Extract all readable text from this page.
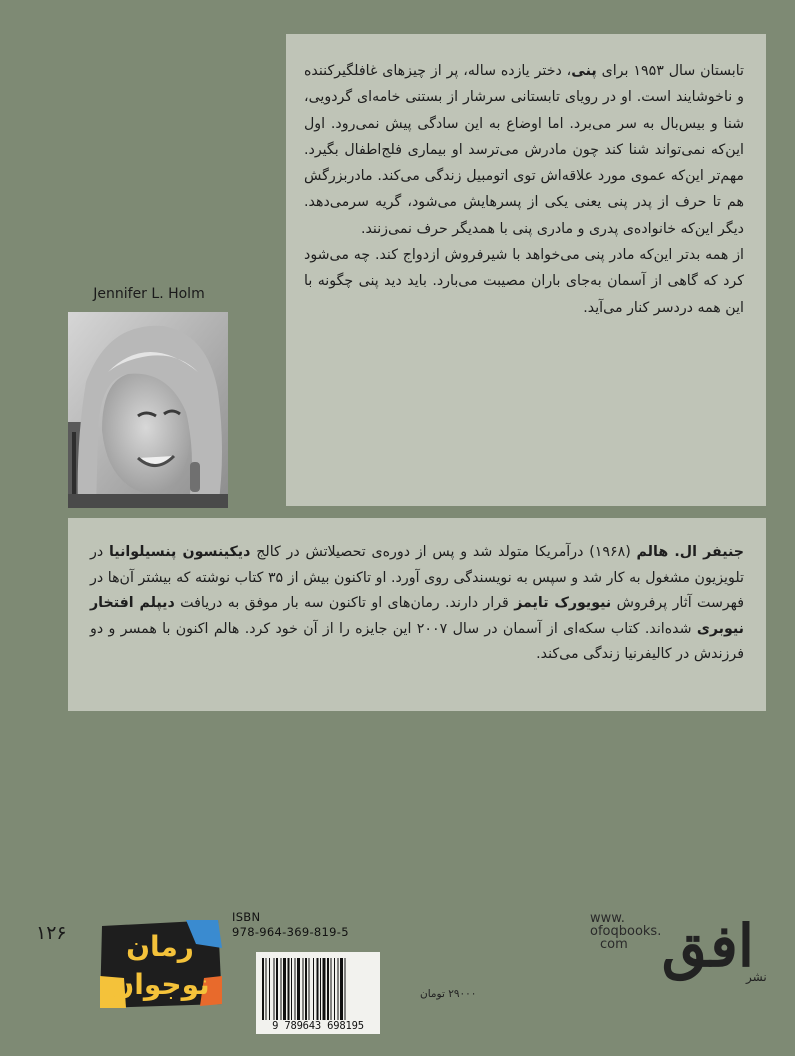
تابستان سال ۱۹۵۳ برای پنی، دختر یازده ساله، پر از چیزهای غافلگیرکننده و ناخوشایند است. او در رویای تابستانی سرشار از بستنی خامه‌ای گردویی، شنا و بیس‌بال به سر می‌برد. اما اوضاع به این سادگی پیش نمی‌رود. اول این‌که نمی‌تواند شنا کند چون مادرش می‌ترسد او بیماری فلج‌اطفال بگیرد. مهم‌تر این‌که عموی مورد علاقه‌اش توی اتومبیل زندگی می‌کند. مادربزرگش هم تا حرف از پدر پنی یعنی یکی از پسرهایش می‌شود، گریه سرمی‌دهد. دیگر این‌که خانواده‌ی پدری و مادری پنی با همدیگر حرف نمی‌زنند.

از همه بدتر این‌که مادر پنی می‌خواهد با شیرفروش ازدواج کند. چه می‌شود کرد که گاهی از آسمان به‌جای باران مصیبت می‌بارد. باید دید پنی چگونه با این همه دردسر کنار می‌آید.

Jennifer L. Holm

جنیفر ال. هالم (۱۹۶۸) درآمریکا متولد شد و پس از دوره‌ی تحصیلاتش در کالج دیکینسون پنسیلوانیا در تلویزیون مشغول به کار شد و سپس به نویسندگی روی آورد. او تاکنون بیش از ۳۵ کتاب نوشته که بیشتر آن‌ها در فهرست آثار پرفروش نیویورک تایمز قرار دارند. رمان‌های او تاکنون سه بار موفق به دریافت دیپلم افتخار نیوبری شده‌اند. کتاب سکه‌ای از آسمان در سال ۲۰۰۷ این جایزه را از آن خود کرد. هالم اکنون با همسر و دو فرزندش در کالیفرنیا زندگی می‌کند.

۱۲۶ رمان
نوجوان
ISBN
978-964-369-819-5
9 789643 698195
۲۹۰۰۰ تومان
www.
ofoqbooks.
com افق
نشر
